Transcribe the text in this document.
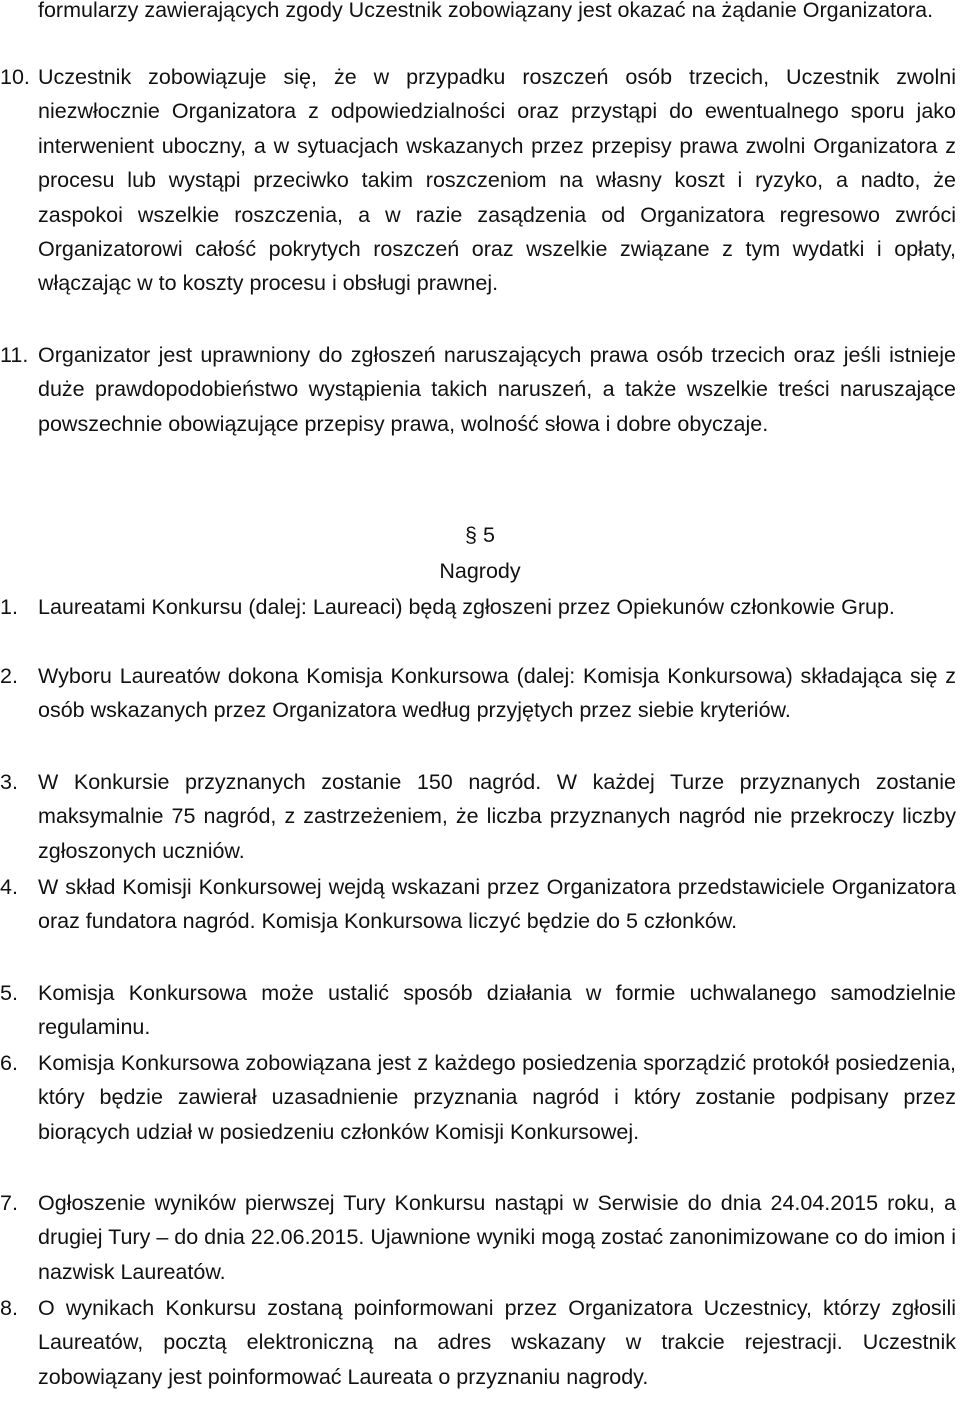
formularzy zawierających zgody Uczestnik zobowiązany jest okazać na żądanie Organizatora.

10. Uczestnik zobowiązuje się, że w przypadku roszczeń osób trzecich, Uczestnik zwolni niezwłocznie Organizatora z odpowiedzialności oraz przystąpi do ewentualnego sporu jako interwenient uboczny, a w sytuacjach wskazanych przez przepisy prawa zwolni Organizatora z procesu lub wystąpi przeciwko takim roszczeniom na własny koszt i ryzyko, a nadto, że zaspokoi wszelkie roszczenia, a w razie zasądzenia od Organizatora regresowo zwróci Organizatorowi całość pokrytych roszczeń oraz wszelkie związane z tym wydatki i opłaty, włączając w to koszty procesu i obsługi prawnej.

11. Organizator jest uprawniony do zgłoszeń naruszających prawa osób trzecich oraz jeśli istnieje duże prawdopodobieństwo wystąpienia takich naruszeń, a także wszelkie treści naruszające powszechnie obowiązujące przepisy prawa, wolność słowa i dobre obyczaje.

§ 5

Nagrody

1. Laureatami Konkursu (dalej: Laureaci) będą zgłoszeni przez Opiekunów członkowie Grup.

2. Wyboru Laureatów dokona Komisja Konkursowa (dalej: Komisja Konkursowa) składająca się z osób wskazanych przez Organizatora według przyjętych przez siebie kryteriów.

3. W Konkursie przyznanych zostanie 150 nagród. W każdej Turze przyznanych zostanie maksymalnie 75 nagród, z zastrzeżeniem, że liczba przyznanych nagród nie przekroczy liczby zgłoszonych uczniów.

4. W skład Komisji Konkursowej wejdą wskazani przez Organizatora przedstawiciele Organizatora oraz fundatora nagród. Komisja Konkursowa liczyć będzie do 5 członków.

5. Komisja Konkursowa może ustalić sposób działania w formie uchwalanego samodzielnie regulaminu.

6. Komisja Konkursowa zobowiązana jest z każdego posiedzenia sporządzić protokół posiedzenia, który będzie zawierał uzasadnienie przyznania nagród i który zostanie podpisany przez biorących udział w posiedzeniu członków Komisji Konkursowej.

7. Ogłoszenie wyników pierwszej Tury Konkursu nastąpi w Serwisie do dnia 24.04.2015 roku, a drugiej Tury – do dnia 22.06.2015. Ujawnione wyniki mogą zostać zanonimizowane co do imion i nazwisk Laureatów.

8. O wynikach Konkursu zostaną poinformowani przez Organizatora Uczestnicy, którzy zgłosili Laureatów, pocztą elektroniczną na adres wskazany w trakcie rejestracji. Uczestnik zobowiązany jest poinformować Laureata o przyznaniu nagrody.
